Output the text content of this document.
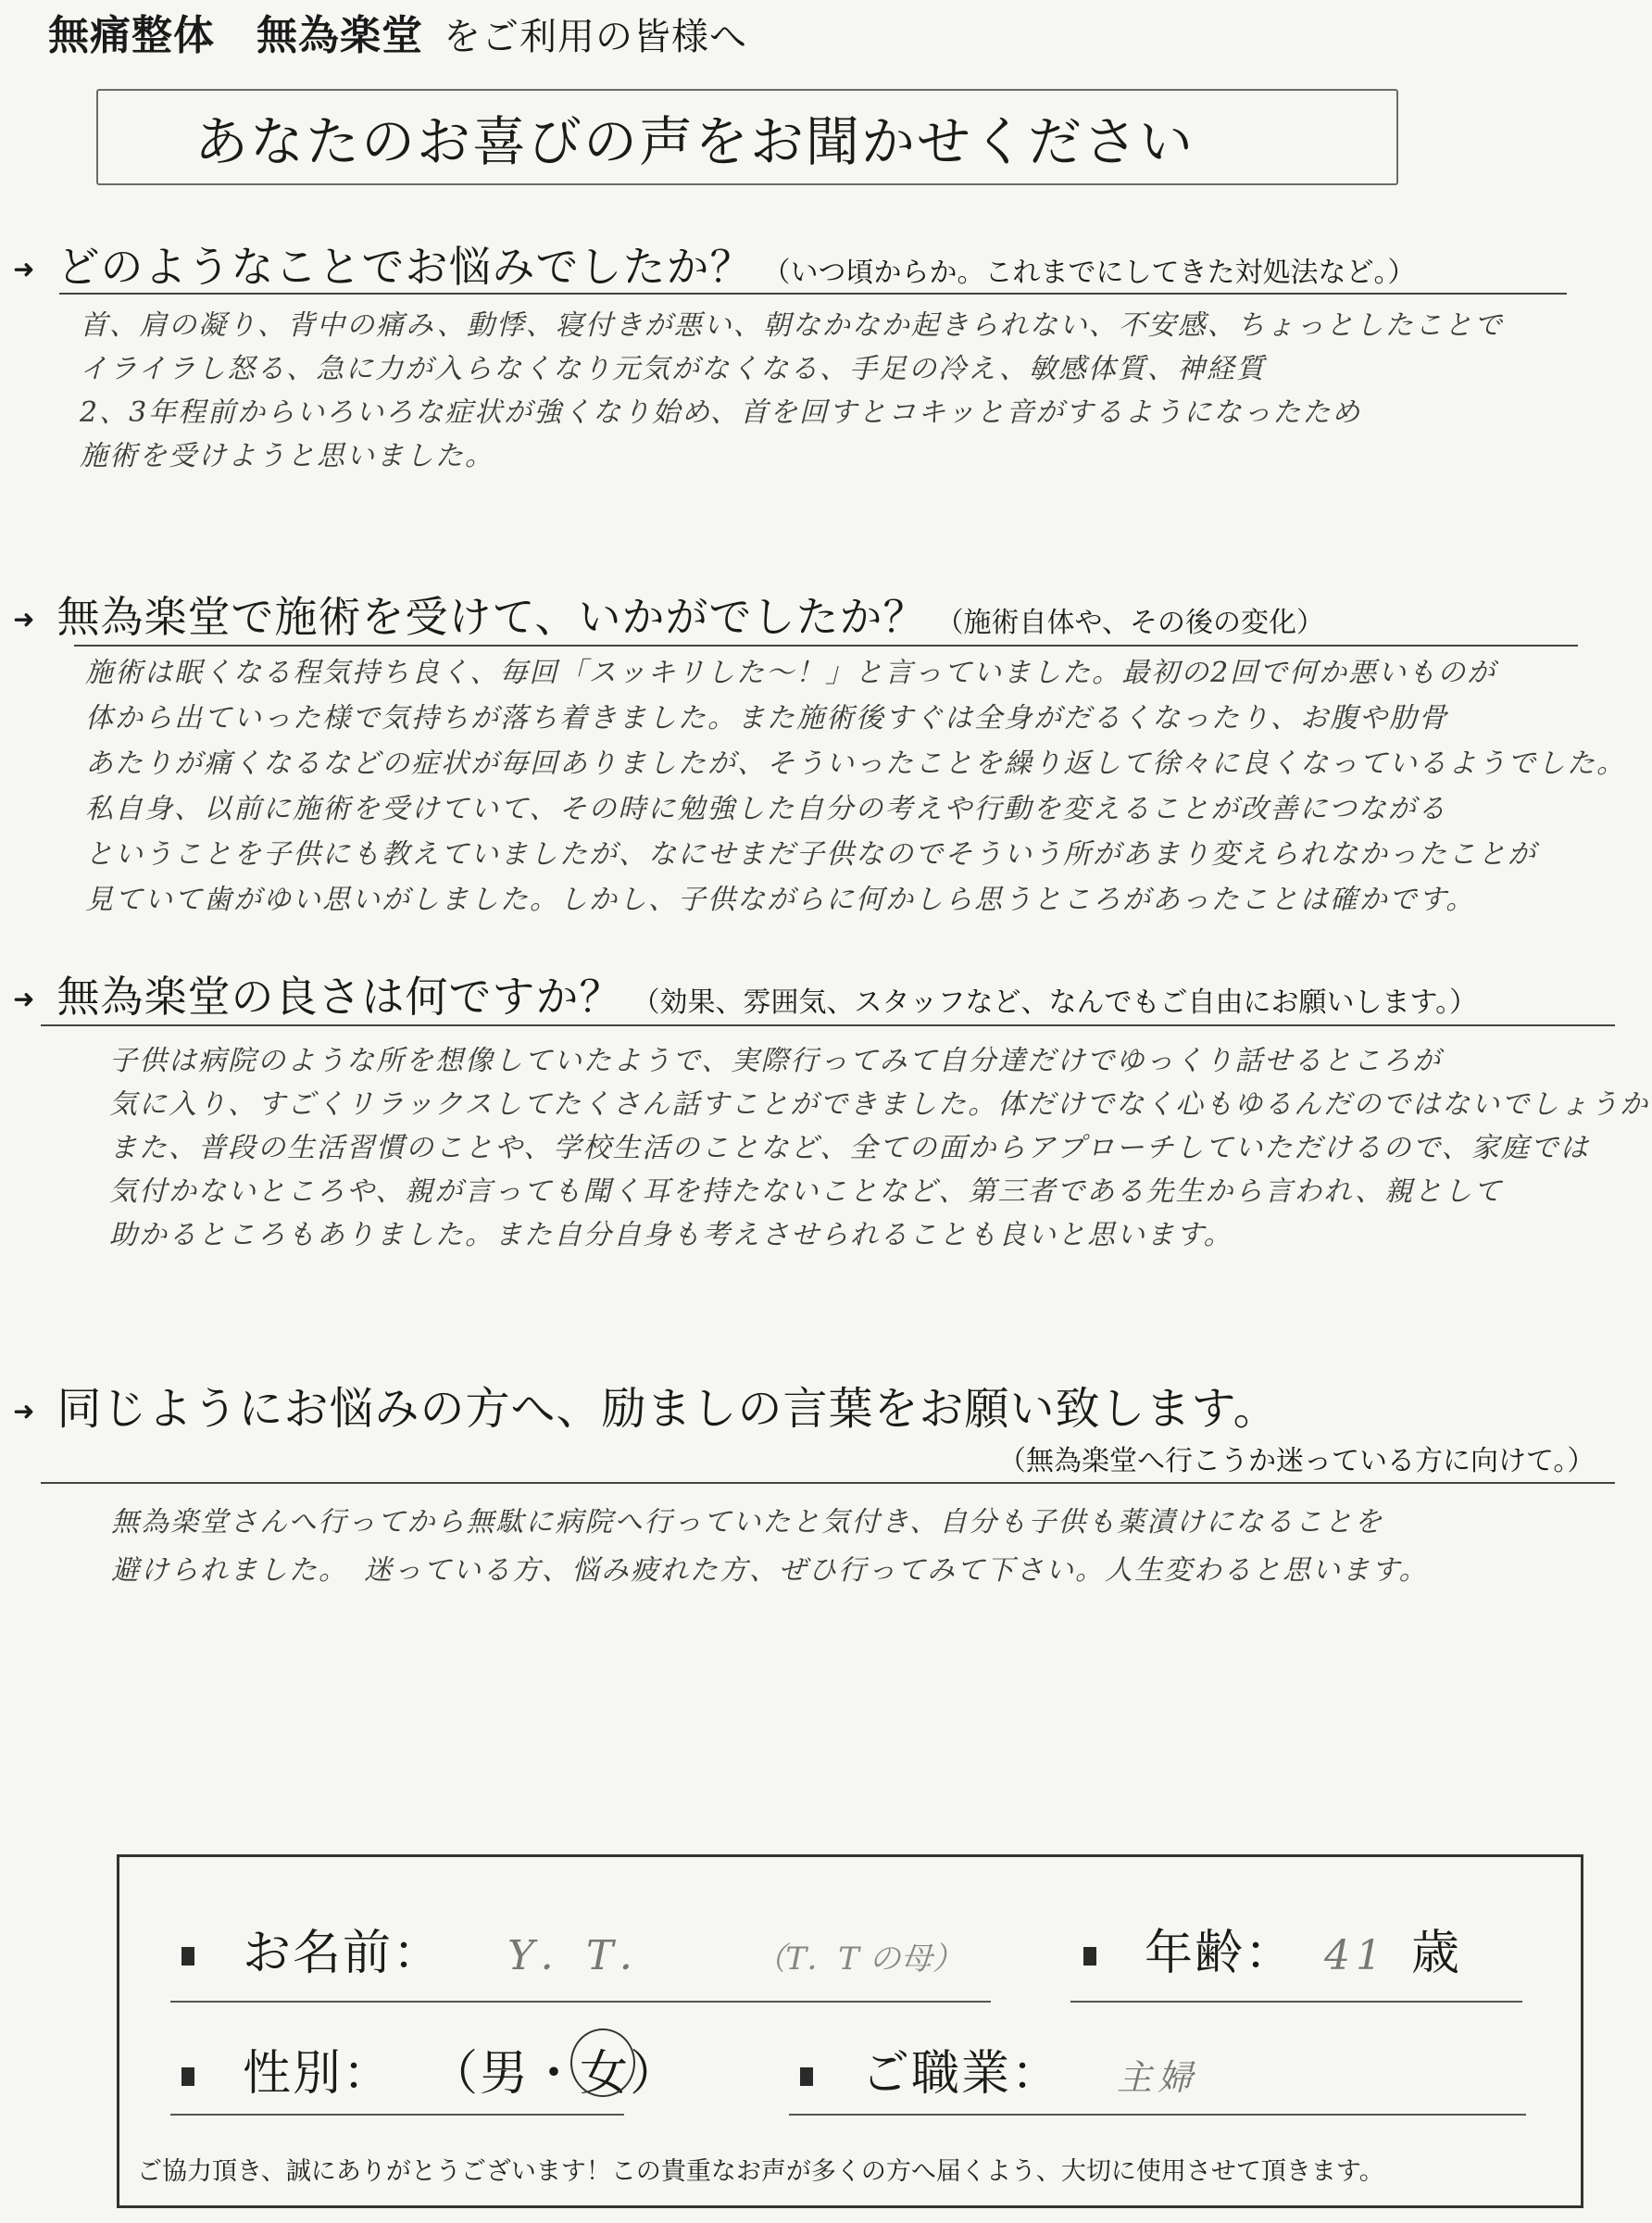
無痛整体　無為楽堂 をご利用の皆様へ
あなたのお喜びの声をお聞かせください
➜ どのようなことでお悩みでしたか？ （いつ頃からか。これまでにしてきた対処法など。）
首、肩の凝り、背中の痛み、動悸、寝付きが悪い、朝なかなか起きられない、不安感、ちょっとしたことで
イライラし怒る、急に力が入らなくなり元気がなくなる、手足の冷え、敏感体質、神経質
2、3年程前からいろいろな症状が強くなり始め、首を回すとコキッと音がするようになったため
施術を受けようと思いました。
➜ 無為楽堂で施術を受けて、いかがでしたか？ （施術自体や、その後の変化）
施術は眠くなる程気持ち良く、毎回「スッキリした〜！」と言っていました。最初の2回で何か悪いものが
体から出ていった様で気持ちが落ち着きました。また施術後すぐは全身がだるくなったり、お腹や肋骨
あたりが痛くなるなどの症状が毎回ありましたが、そういったことを繰り返して徐々に良くなっているようでした。
私自身、以前に施術を受けていて、その時に勉強した自分の考えや行動を変えることが改善につながる
ということを子供にも教えていましたが、なにせまだ子供なのでそういう所があまり変えられなかったことが
見ていて歯がゆい思いがしました。しかし、子供ながらに何かしら思うところがあったことは確かです。
➜ 無為楽堂の良さは何ですか？ （効果、雰囲気、スタッフなど、なんでもご自由にお願いします。）
子供は病院のような所を想像していたようで、実際行ってみて自分達だけでゆっくり話せるところが
気に入り、すごくリラックスしてたくさん話すことができました。体だけでなく心もゆるんだのではないでしょうか
また、普段の生活習慣のことや、学校生活のことなど、全ての面からアプローチしていただけるので、家庭では
気付かないところや、親が言っても聞く耳を持たないことなど、第三者である先生から言われ、親として
助かるところもありました。また自分自身も考えさせられることも良いと思います。
➜ 同じようにお悩みの方へ、励ましの言葉をお願い致します。
（無為楽堂へ行こうか迷っている方に向けて。）
無為楽堂さんへ行ってから無駄に病院へ行っていたと気付き、自分も子供も薬漬けになることを
避けられました。　迷っている方、悩み疲れた方、ぜひ行ってみて下さい。人生変わると思います。
お名前： Y．T．	（T．T の母）	年齢： 41 歳
性別： （ 男 ・ 女 ）	ご職業： 主婦
ご協力頂き、誠にありがとうございます！この貴重なお声が多くの方へ届くよう、大切に使用させて頂きます。
